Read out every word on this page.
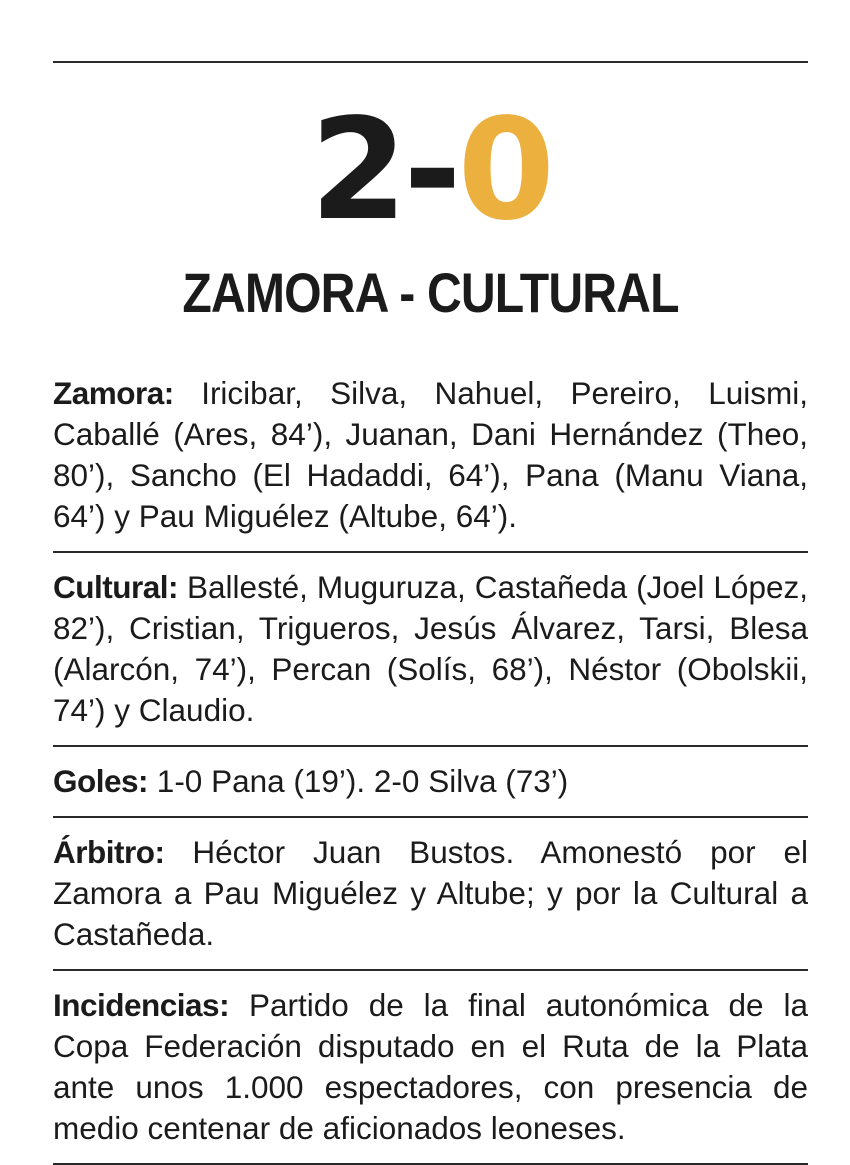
2-0
ZAMORA - CULTURAL

Zamora: Iricibar, Silva, Nahuel, Pereiro, Luismi, Caballé (Ares, 84’), Juanan, Dani Hernández (Theo, 80’), Sancho (El Hadaddi, 64’), Pana (Manu Viana, 64’) y Pau Miguélez (Altube, 64’).

Cultural: Ballesté, Muguruza, Castañeda (Joel López, 82’), Cristian, Trigueros, Jesús Álvarez, Tarsi, Blesa (Alarcón, 74’), Percan (Solís, 68’), Néstor (Obolskii, 74’) y Claudio.

Goles: 1-0 Pana (19’). 2-0 Silva (73’)

Árbitro: Héctor Juan Bustos. Amonestó por el Zamora a Pau Miguélez y Altube; y por la Cultural a Castañeda.

Incidencias: Partido de la final autonómica de la Copa Federación disputado en el Ruta de la Plata ante unos 1.000 espectadores, con presencia de medio centenar de aficionados leoneses.
